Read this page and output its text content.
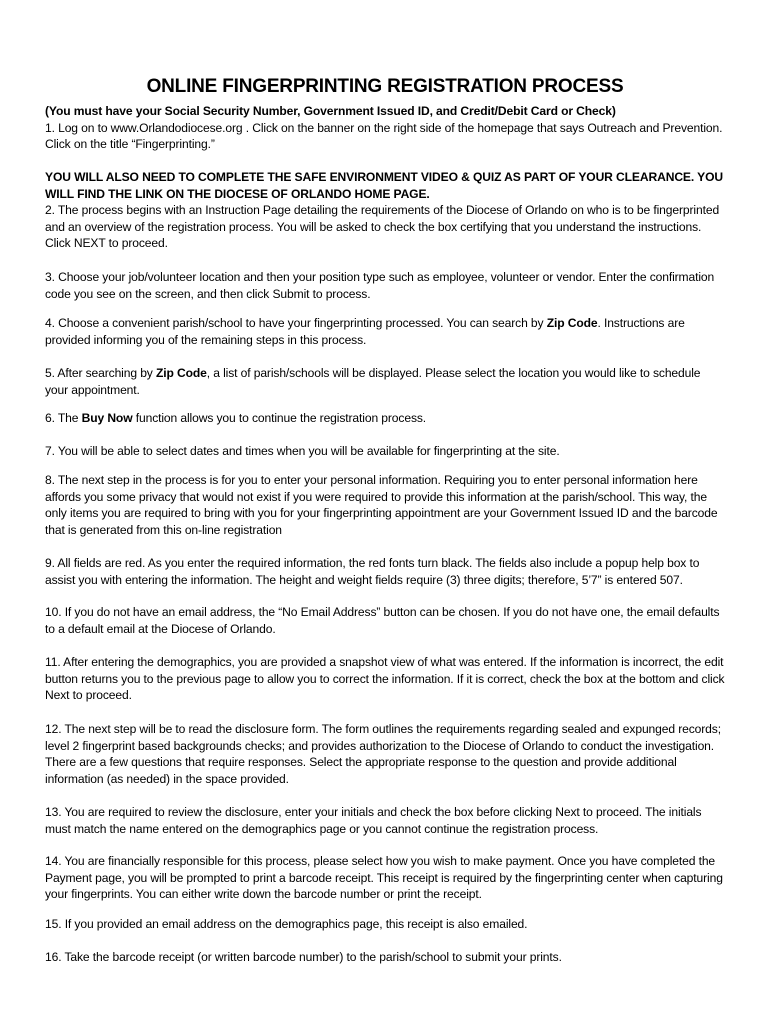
ONLINE FINGERPRINTING REGISTRATION PROCESS
(You must have your Social Security Number, Government Issued ID, and Credit/Debit Card or Check)
1. Log on to www.Orlandodiocese.org . Click on the banner on the right side of the homepage that says Outreach and Prevention. Click on the title “Fingerprinting.”
YOU WILL ALSO NEED TO COMPLETE THE SAFE ENVIRONMENT VIDEO & QUIZ AS PART OF YOUR CLEARANCE. YOU WILL FIND THE LINK ON THE DIOCESE OF ORLANDO HOME PAGE.
2. The process begins with an Instruction Page detailing the requirements of the Diocese of Orlando on who is to be fingerprinted and an overview of the registration process. You will be asked to check the box certifying that you understand the instructions. Click NEXT to proceed.
3. Choose your job/volunteer location and then your position type such as employee, volunteer or vendor. Enter the confirmation code you see on the screen, and then click Submit to process.
4. Choose a convenient parish/school to have your fingerprinting processed. You can search by Zip Code. Instructions are provided informing you of the remaining steps in this process.
5. After searching by Zip Code, a list of parish/schools will be displayed. Please select the location you would like to schedule your appointment.
6. The Buy Now function allows you to continue the registration process.
7. You will be able to select dates and times when you will be available for fingerprinting at the site.
8. The next step in the process is for you to enter your personal information. Requiring you to enter personal information here affords you some privacy that would not exist if you were required to provide this information at the parish/school. This way, the only items you are required to bring with you for your fingerprinting appointment are your Government Issued ID and the barcode that is generated from this on-line registration
9. All fields are red. As you enter the required information, the red fonts turn black. The fields also include a popup help box to assist you with entering the information. The height and weight fields require (3) three digits; therefore, 5’7” is entered 507.
10. If you do not have an email address, the “No Email Address” button can be chosen. If you do not have one, the email defaults to a default email at the Diocese of Orlando.
11. After entering the demographics, you are provided a snapshot view of what was entered. If the information is incorrect, the edit button returns you to the previous page to allow you to correct the information. If it is correct, check the box at the bottom and click Next to proceed.
12. The next step will be to read the disclosure form. The form outlines the requirements regarding sealed and expunged records; level 2 fingerprint based backgrounds checks; and provides authorization to the Diocese of Orlando to conduct the investigation. There are a few questions that require responses. Select the appropriate response to the question and provide additional information (as needed) in the space provided.
13. You are required to review the disclosure, enter your initials and check the box before clicking Next to proceed. The initials must match the name entered on the demographics page or you cannot continue the registration process.
14. You are financially responsible for this process, please select how you wish to make payment. Once you have completed the Payment page, you will be prompted to print a barcode receipt. This receipt is required by the fingerprinting center when capturing your fingerprints. You can either write down the barcode number or print the receipt.
15. If you provided an email address on the demographics page, this receipt is also emailed.
16. Take the barcode receipt (or written barcode number) to the parish/school to submit your prints.
